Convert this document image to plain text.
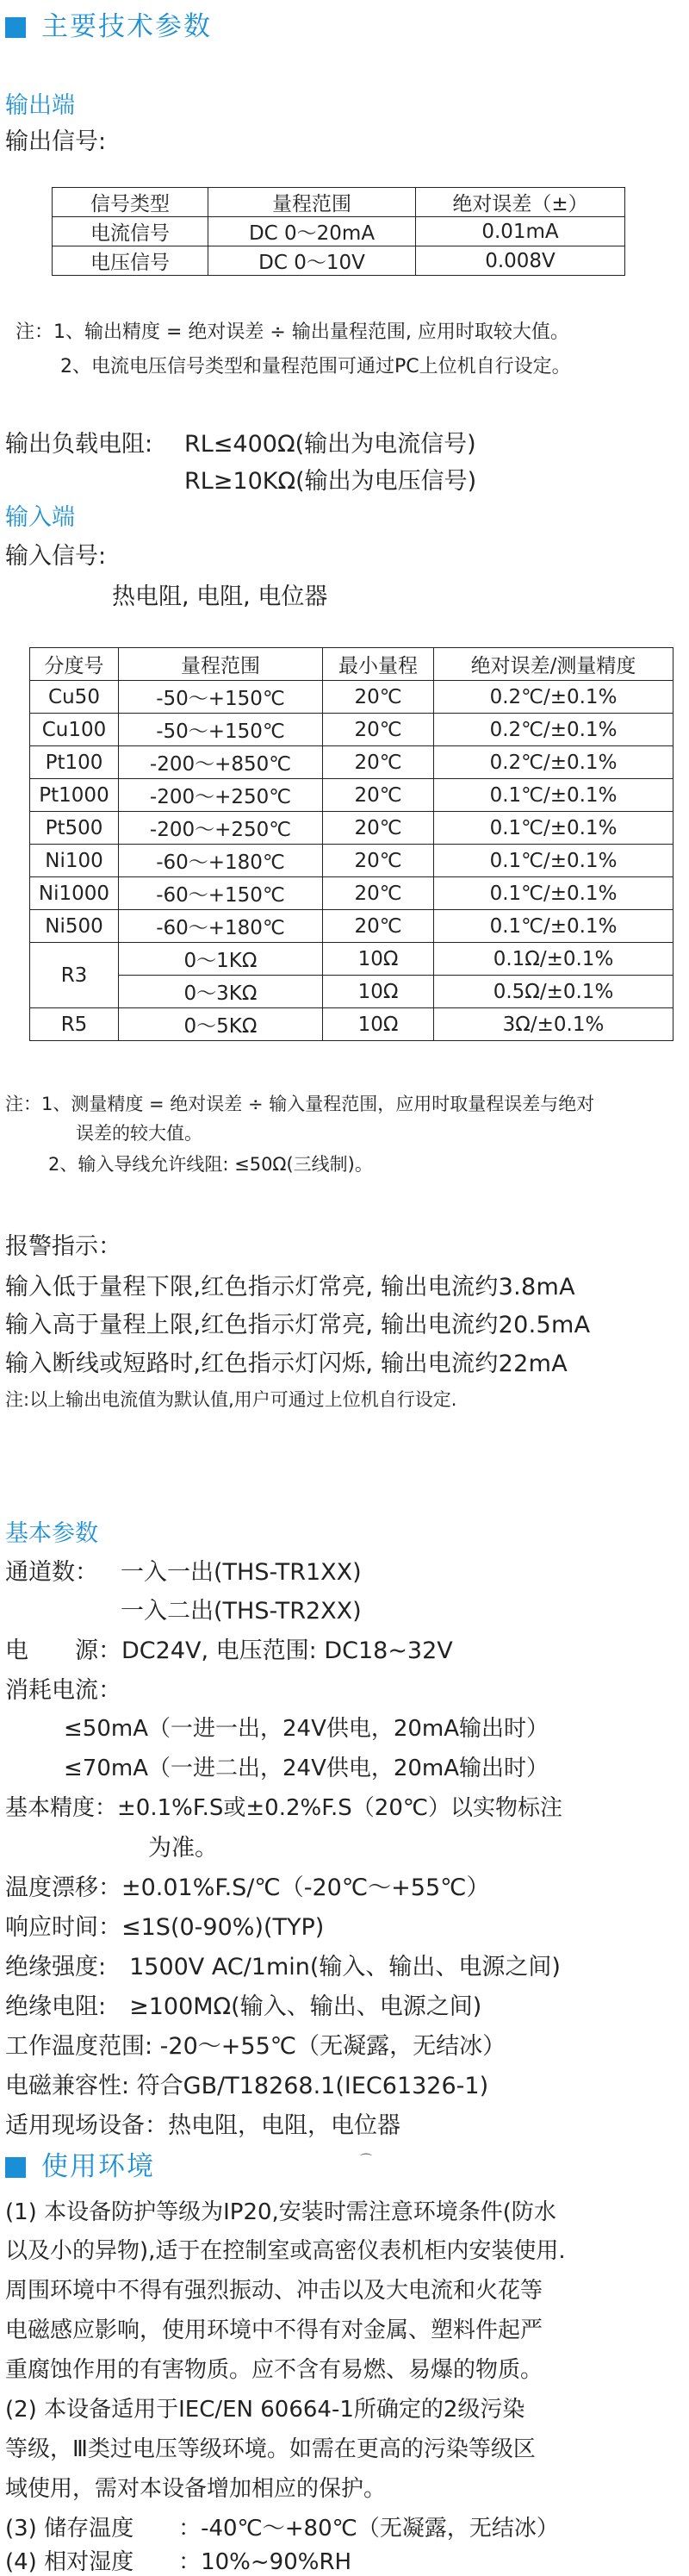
主要技术参数
输出端
输出信号:
信号类型	量程范围	绝对误差（±）
电流信号	DC 0～20mA	0.01mA
电压信号	DC 0～10V	0.008V
注：1、输出精度 = 绝对误差 ÷ 输出量程范围, 应用时取较大值。
2、电流电压信号类型和量程范围可通过PC上位机自行设定。
输出负载电阻: RL≤400Ω(输出为电流信号)
RL≥10KΩ(输出为电压信号)
输入端
输入信号:
热电阻, 电阻, 电位器
分度号	量程范围	最小量程	绝对误差/测量精度
Cu50	-50～+150℃	20℃	0.2℃/±0.1%
Cu100	-50～+150℃	20℃	0.2℃/±0.1%
Pt100	-200～+850℃	20℃	0.2℃/±0.1%
Pt1000	-200～+250℃	20℃	0.1℃/±0.1%
Pt500	-200～+250℃	20℃	0.1℃/±0.1%
Ni100	-60～+180℃	20℃	0.1℃/±0.1%
Ni1000	-60～+150℃	20℃	0.1℃/±0.1%
Ni500	-60～+180℃	20℃	0.1℃/±0.1%
R3	0～1KΩ	10Ω	0.1Ω/±0.1%
	0～3KΩ	10Ω	0.5Ω/±0.1%
R5	0～5KΩ	10Ω	3Ω/±0.1%
注：1、测量精度 = 绝对误差 ÷ 输入量程范围，应用时取量程误差与绝对
误差的较大值。
2、输入导线允许线阻: ≤50Ω(三线制)。
报警指示：
输入低于量程下限,红色指示灯常亮, 输出电流约3.8mA
输入高于量程上限,红色指示灯常亮, 输出电流约20.5mA
输入断线或短路时,红色指示灯闪烁, 输出电流约22mA
注:以上输出电流值为默认值,用户可通过上位机自行设定.
基本参数
通道数： 一入一出(THS-TR1XX)
一入二出(THS-TR2XX)
电　　源：DC24V, 电压范围: DC18~32V
消耗电流：
≤50mA（一进一出，24V供电，20mA输出时）
≤70mA（一进二出，24V供电，20mA输出时）
基本精度：±0.1%F.S或±0.2%F.S（20℃）以实物标注
为准。
温度漂移：±0.01%F.S/℃（-20℃～+55℃）
响应时间：≤1S(0-90%)(TYP)
绝缘强度:　1500V AC/1min(输入、输出、电源之间)
绝缘电阻:　≥100MΩ(输入、输出、电源之间)
工作温度范围: -20～+55℃（无凝露，无结冰）
电磁兼容性: 符合GB/T18268.1(IEC61326-1)
适用现场设备：热电阻，电阻，电位器
使用环境	⌒
(1) 本设备防护等级为IP20,安装时需注意环境条件(防水
以及小的异物),适于在控制室或高密仪表机柜内安装使用.
周围环境中不得有强烈振动、冲击以及大电流和火花等
电磁感应影响，使用环境中不得有对金属、塑料件起严
重腐蚀作用的有害物质。应不含有易燃、易爆的物质。
(2) 本设备适用于IEC/EN 60664-1所确定的2级污染
等级，Ⅲ类过电压等级环境。如需在更高的污染等级区
域使用，需对本设备增加相应的保护。
(3) 储存温度　　：-40℃～+80℃（无凝露，无结冰）
(4) 相对湿度　　：10%~90%RH
